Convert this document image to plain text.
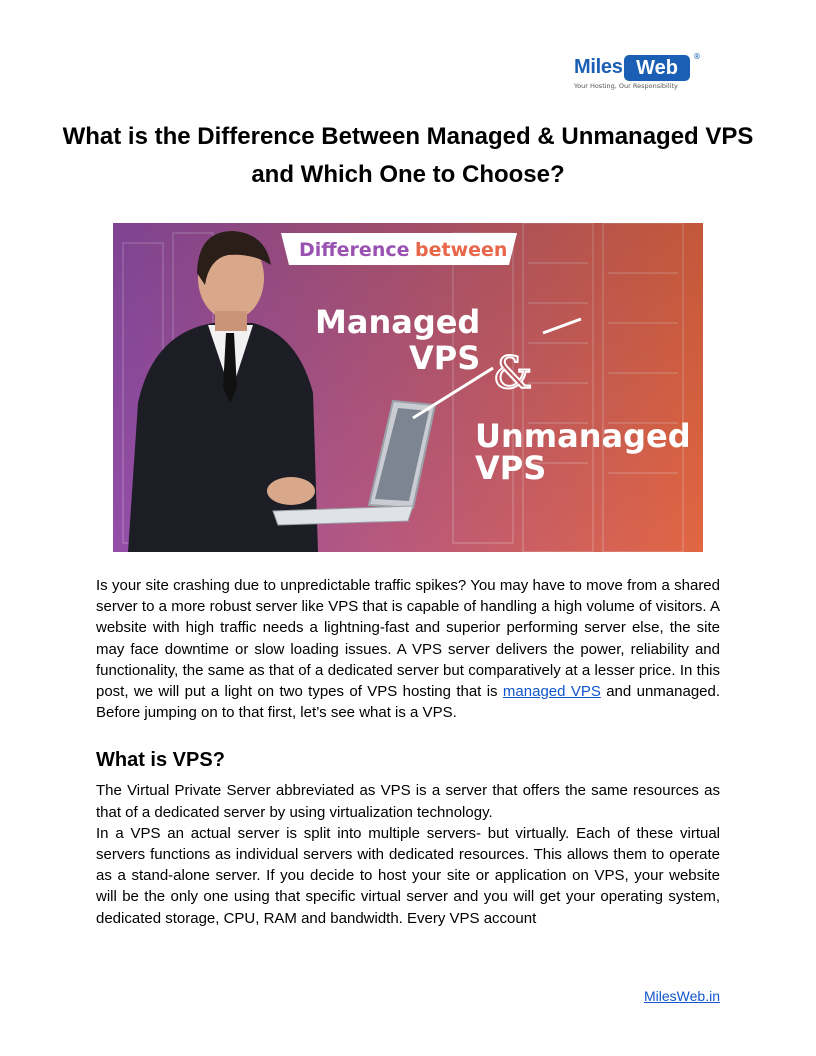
Miles Web
®
Your Hosting, Our Responsibility
What is the Difference Between Managed & Unmanaged VPS and Which One to Choose?
Difference between
Managed
VPS &
Unmanaged
VPS

Is your site crashing due to unpredictable traffic spikes? You may have to move from a shared server to a more robust server like VPS that is capable of handling a high volume of visitors. A website with high traffic needs a lightning-fast and superior performing server else, the site may face downtime or slow loading issues. A VPS server delivers the power, reliability and functionality, the same as that of a dedicated server but comparatively at a lesser price. In this post, we will put a light on two types of VPS hosting that is managed VPS and unmanaged. Before jumping on to that first, let’s see what is a VPS.

What is VPS?

The Virtual Private Server abbreviated as VPS is a server that offers the same resources as that of a dedicated server by using virtualization technology.

In a VPS an actual server is split into multiple servers- but virtually. Each of these virtual servers functions as individual servers with dedicated resources. This allows them to operate as a stand-alone server. If you decide to host your site or application on VPS, your website will be the only one using that specific virtual server and you will get your operating system, dedicated storage, CPU, RAM and bandwidth. Every VPS account

MilesWeb.in
